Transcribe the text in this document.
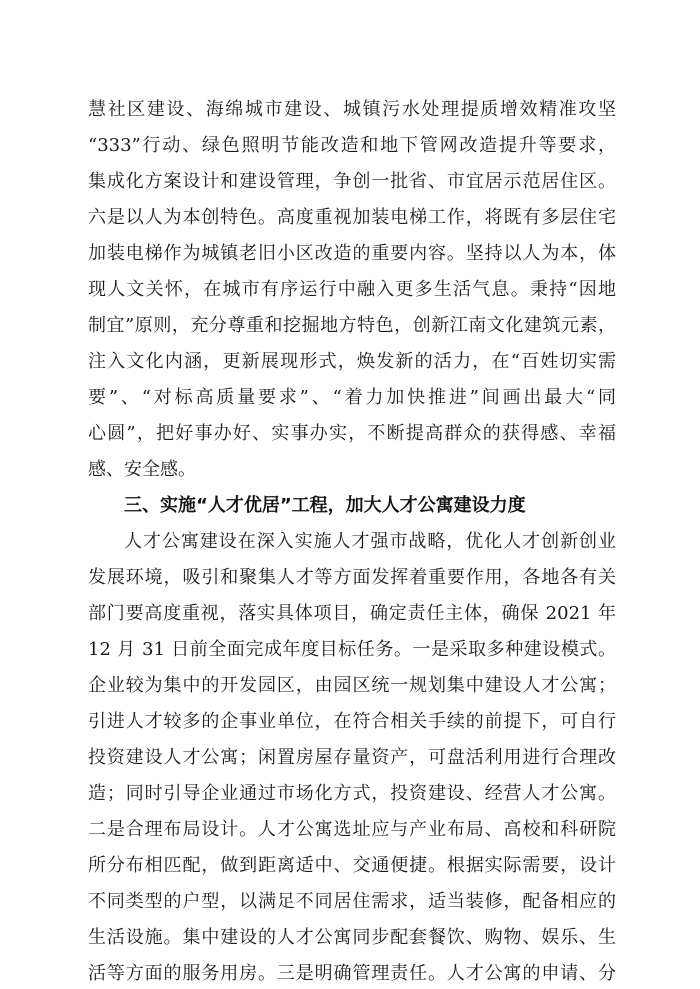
慧社区建设、海绵城市建设、城镇污水处理提质增效精准攻坚
“333”行动、绿色照明节能改造和地下管网改造提升等要求，
集成化方案设计和建设管理，争创一批省、市宜居示范居住区。
六是以人为本创特色。高度重视加装电梯工作，将既有多层住宅
加装电梯作为城镇老旧小区改造的重要内容。坚持以人为本，体
现人文关怀，在城市有序运行中融入更多生活气息。秉持“因地
制宜”原则，充分尊重和挖掘地方特色，创新江南文化建筑元素，
注入文化内涵，更新展现形式，焕发新的活力，在“百姓切实需
要”、“对标高质量要求”、“着力加快推进”间画出最大“同
心圆”，把好事办好、实事办实，不断提高群众的获得感、幸福
感、安全感。
三、实施“人才优居”工程，加大人才公寓建设力度
人才公寓建设在深入实施人才强市战略，优化人才创新创业
发展环境，吸引和聚集人才等方面发挥着重要作用，各地各有关
部门要高度重视，落实具体项目，确定责任主体，确保 2021 年
12 月 31 日前全面完成年度目标任务。一是采取多种建设模式。
企业较为集中的开发园区，由园区统一规划集中建设人才公寓；
引进人才较多的企事业单位，在符合相关手续的前提下，可自行
投资建设人才公寓；闲置房屋存量资产，可盘活利用进行合理改
造；同时引导企业通过市场化方式，投资建设、经营人才公寓。
二是合理布局设计。人才公寓选址应与产业布局、高校和科研院
所分布相匹配，做到距离适中、交通便捷。根据实际需要，设计
不同类型的户型，以满足不同居住需求，适当装修，配备相应的
生活设施。集中建设的人才公寓同步配套餐饮、购物、娱乐、生
活等方面的服务用房。三是明确管理责任。人才公寓的申请、分
